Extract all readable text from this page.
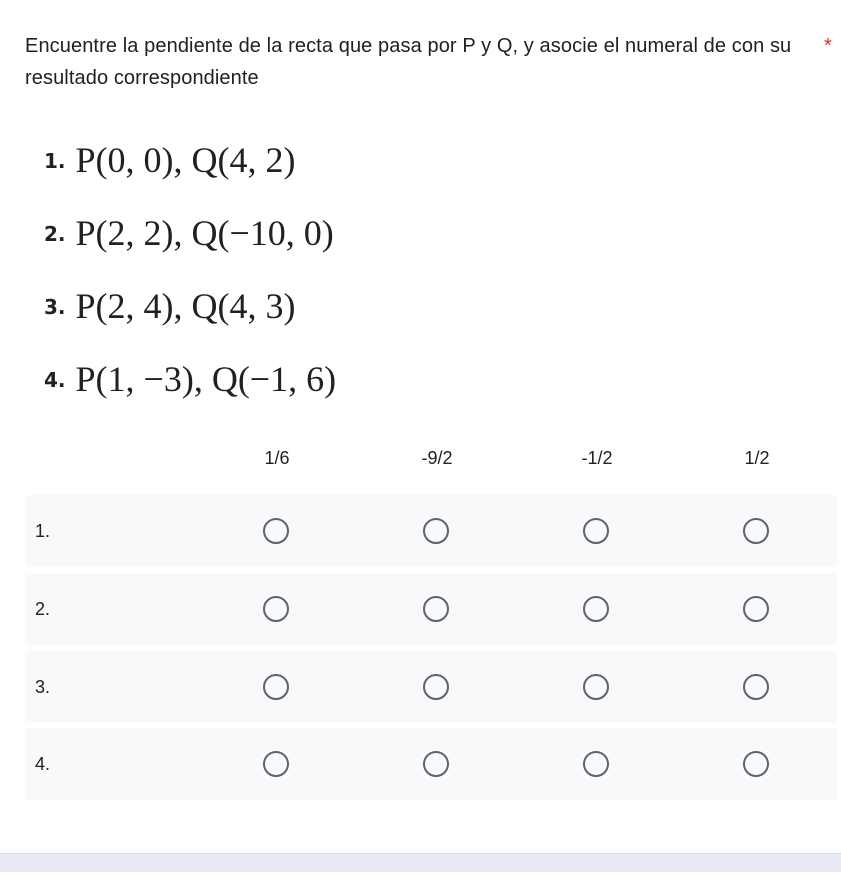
Encuentre la pendiente de la recta que pasa por P y Q, y asocie el numeral de con su resultado correspondiente
*
1. P(0, 0), Q(4, 2)
2. P(2, 2), Q(−10, 0)
3. P(2, 4), Q(4, 3)
4. P(1, −3), Q(−1, 6)
1/6	-9/2	-1/2	1/2
1.
2.
3.
4.
